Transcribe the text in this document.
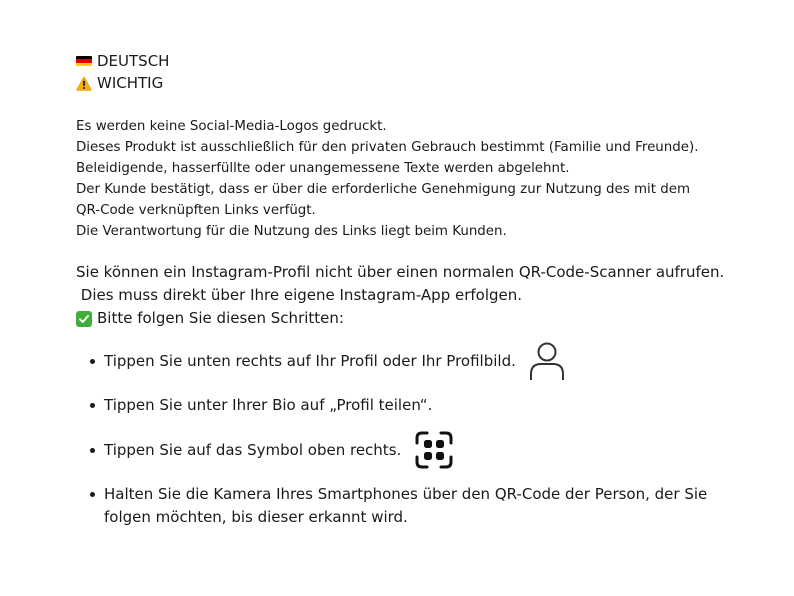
DEUTSCH
WICHTIG
Es werden keine Social-Media-Logos gedruckt.
Dieses Produkt ist ausschließlich für den privaten Gebrauch bestimmt (Familie und Freunde).
Beleidigende, hasserfüllte oder unangemessene Texte werden abgelehnt.
Der Kunde bestätigt, dass er über die erforderliche Genehmigung zur Nutzung des mit dem
QR-Code verknüpften Links verfügt.
Die Verantwortung für die Nutzung des Links liegt beim Kunden.
Sie können ein Instagram-Profil nicht über einen normalen QR-Code-Scanner aufrufen.
Dies muss direkt über Ihre eigene Instagram-App erfolgen.
Bitte folgen Sie diesen Schritten:
Tippen Sie unten rechts auf Ihr Profil oder Ihr Profilbild.
Tippen Sie unter Ihrer Bio auf „Profil teilen“.
Tippen Sie auf das Symbol oben rechts.
Halten Sie die Kamera Ihres Smartphones über den QR-Code der Person, der Sie folgen möchten, bis dieser erkannt wird.
